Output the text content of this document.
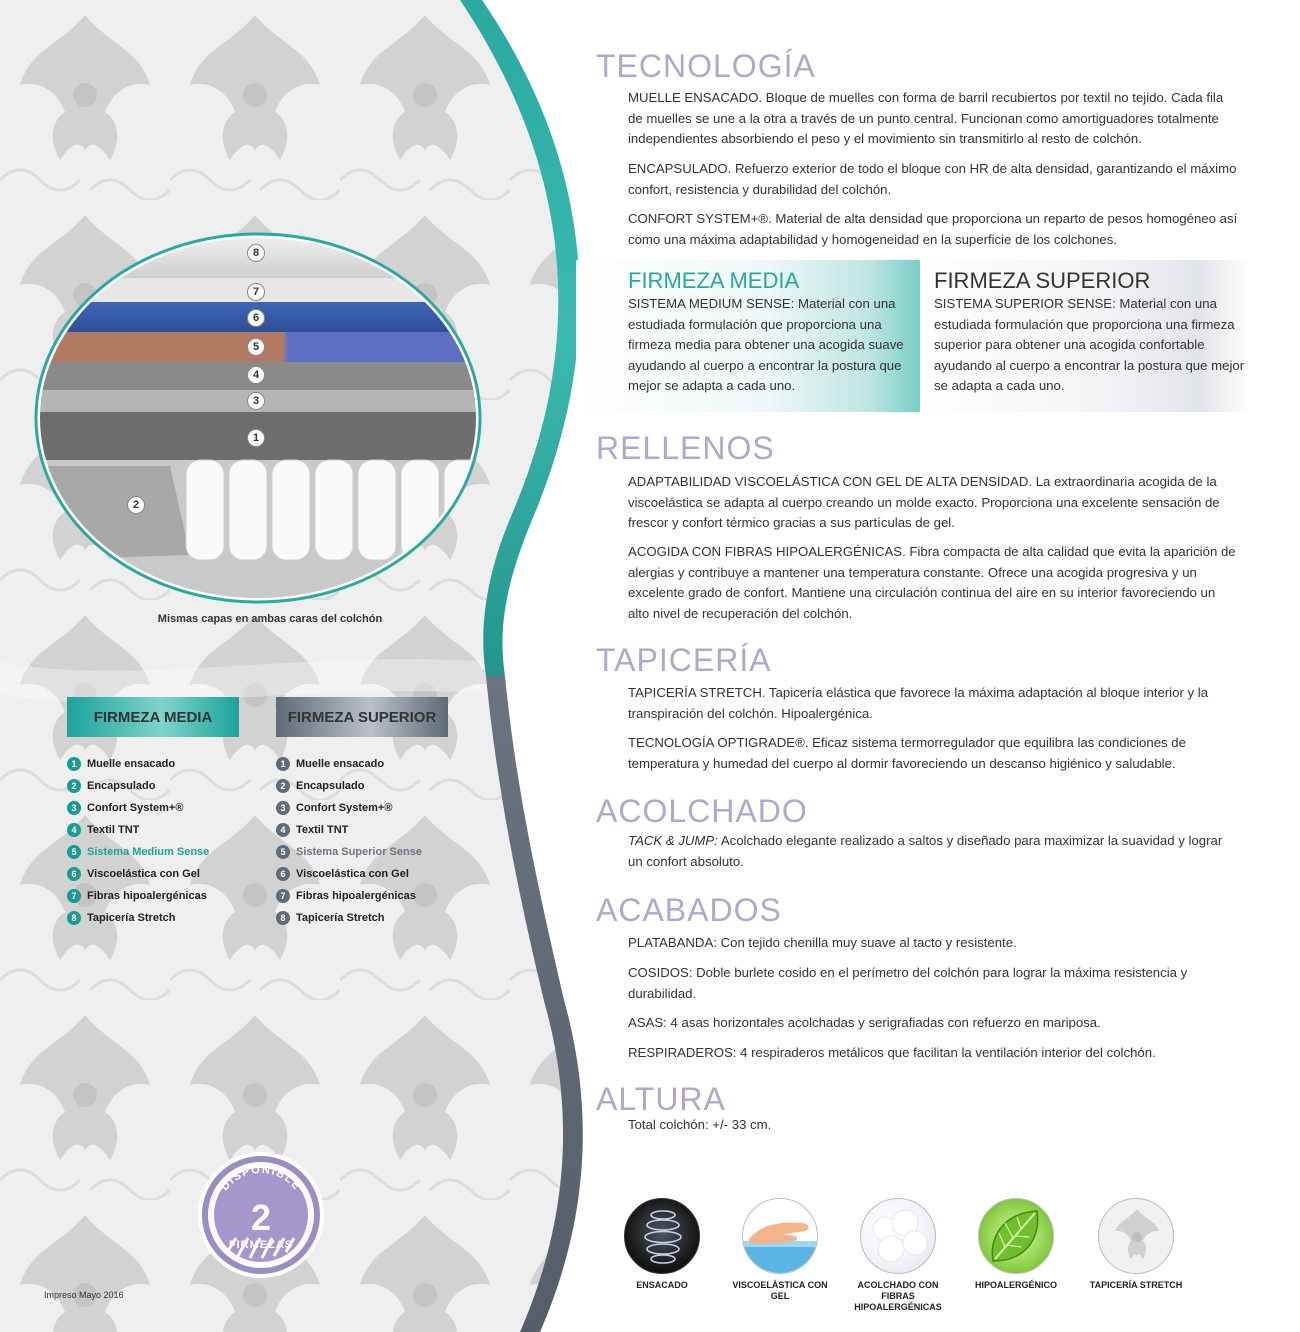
8
7
6
5
4
3
1
2
Mismas capas en ambas caras del colchón
FIRMEZA MEDIA
1 Muelle ensacado
2 Encapsulado
3 Confort System+®
4 Textil TNT
5 Sistema Medium Sense
6 Viscoelástica con Gel
7 Fibras hipoalergénicas
8 Tapicería Stretch
FIRMEZA SUPERIOR
1 Muelle ensacado
2 Encapsulado
3 Confort System+®
4 Textil TNT
5 Sistema Superior Sense
6 Viscoelástica con Gel
7 Fibras hipoalergénicas
8 Tapicería Stretch
DISPONIBLE
2
FIRMEZAS
Impreso Mayo 2016
TECNOLOGÍA

MUELLE ENSACADO. Bloque de muelles con forma de barril recubiertos por textil no tejido. Cada fila de muelles se une a la otra a través de un punto central. Funcionan como amortiguadores totalmente independientes absorbiendo el peso y el movimiento sin transmitirlo al resto de colchón.

ENCAPSULADO. Refuerzo exterior de todo el bloque con HR de alta densidad, garantizando el máximo confort, resistencia y durabilidad del colchón.

CONFORT SYSTEM+®. Material de alta densidad que proporciona un reparto de pesos homogéneo así como una máxima adaptabilidad y homogeneidad en la superficie de los colchones.

FIRMEZA MEDIA

SISTEMA MEDIUM SENSE: Material con una estudiada formulación que proporciona una firmeza media para obtener una acogida suave ayudando al cuerpo a encontrar la postura que mejor se adapta a cada uno.

FIRMEZA SUPERIOR

SISTEMA SUPERIOR SENSE: Material con una estudiada formulación que proporciona una firmeza superior para obtener una acogida confortable ayudando al cuerpo a encontrar la postura que mejor se adapta a cada uno.

RELLENOS

ADAPTABILIDAD VISCOELÁSTICA CON GEL DE ALTA DENSIDAD. La extraordinaria acogida de la viscoelástica se adapta al cuerpo creando un molde exacto. Proporciona una excelente sensación de frescor y confort térmico gracias a sus partículas de gel.

ACOGIDA CON FIBRAS HIPOALERGÉNICAS. Fibra compacta de alta calidad que evita la aparición de alergias y contribuye a mantener una temperatura constante. Ofrece una acogida progresiva y un excelente grado de confort. Mantiene una circulación continua del aire en su interior favoreciendo un alto nivel de recuperación del colchón.

TAPICERÍA

TAPICERÍA STRETCH. Tapicería elástica que favorece la máxima adaptación al bloque interior y la transpiración del colchón. Hipoalergénica.

TECNOLOGÍA OPTIGRADE®. Eficaz sistema termorregulador que equilibra las condiciones de temperatura y humedad del cuerpo al dormir favoreciendo un descanso higiénico y saludable.

ACOLCHADO

TACK & JUMP: Acolchado elegante realizado a saltos y diseñado para maximizar la suavidad y lograr un confort absoluto.

ACABADOS

PLATABANDA: Con tejido chenilla muy suave al tacto y resistente.

COSIDOS: Doble burlete cosido en el perímetro del colchón para lograr la máxima resistencia y durabilidad.

ASAS: 4 asas horizontales acolchadas y serigrafiadas con refuerzo en mariposa.

RESPIRADEROS: 4 respiraderos metálicos que facilitan la ventilación interior del colchón.

ALTURA

Total colchón: +/- 33 cm.

ENSACADO	VISCOELÁSTICA CON GEL
ACOLCHADO CON FIBRAS HIPOALERGÉNICAS
HIPOALERGÉNICO	TAPICERÍA STRETCH
